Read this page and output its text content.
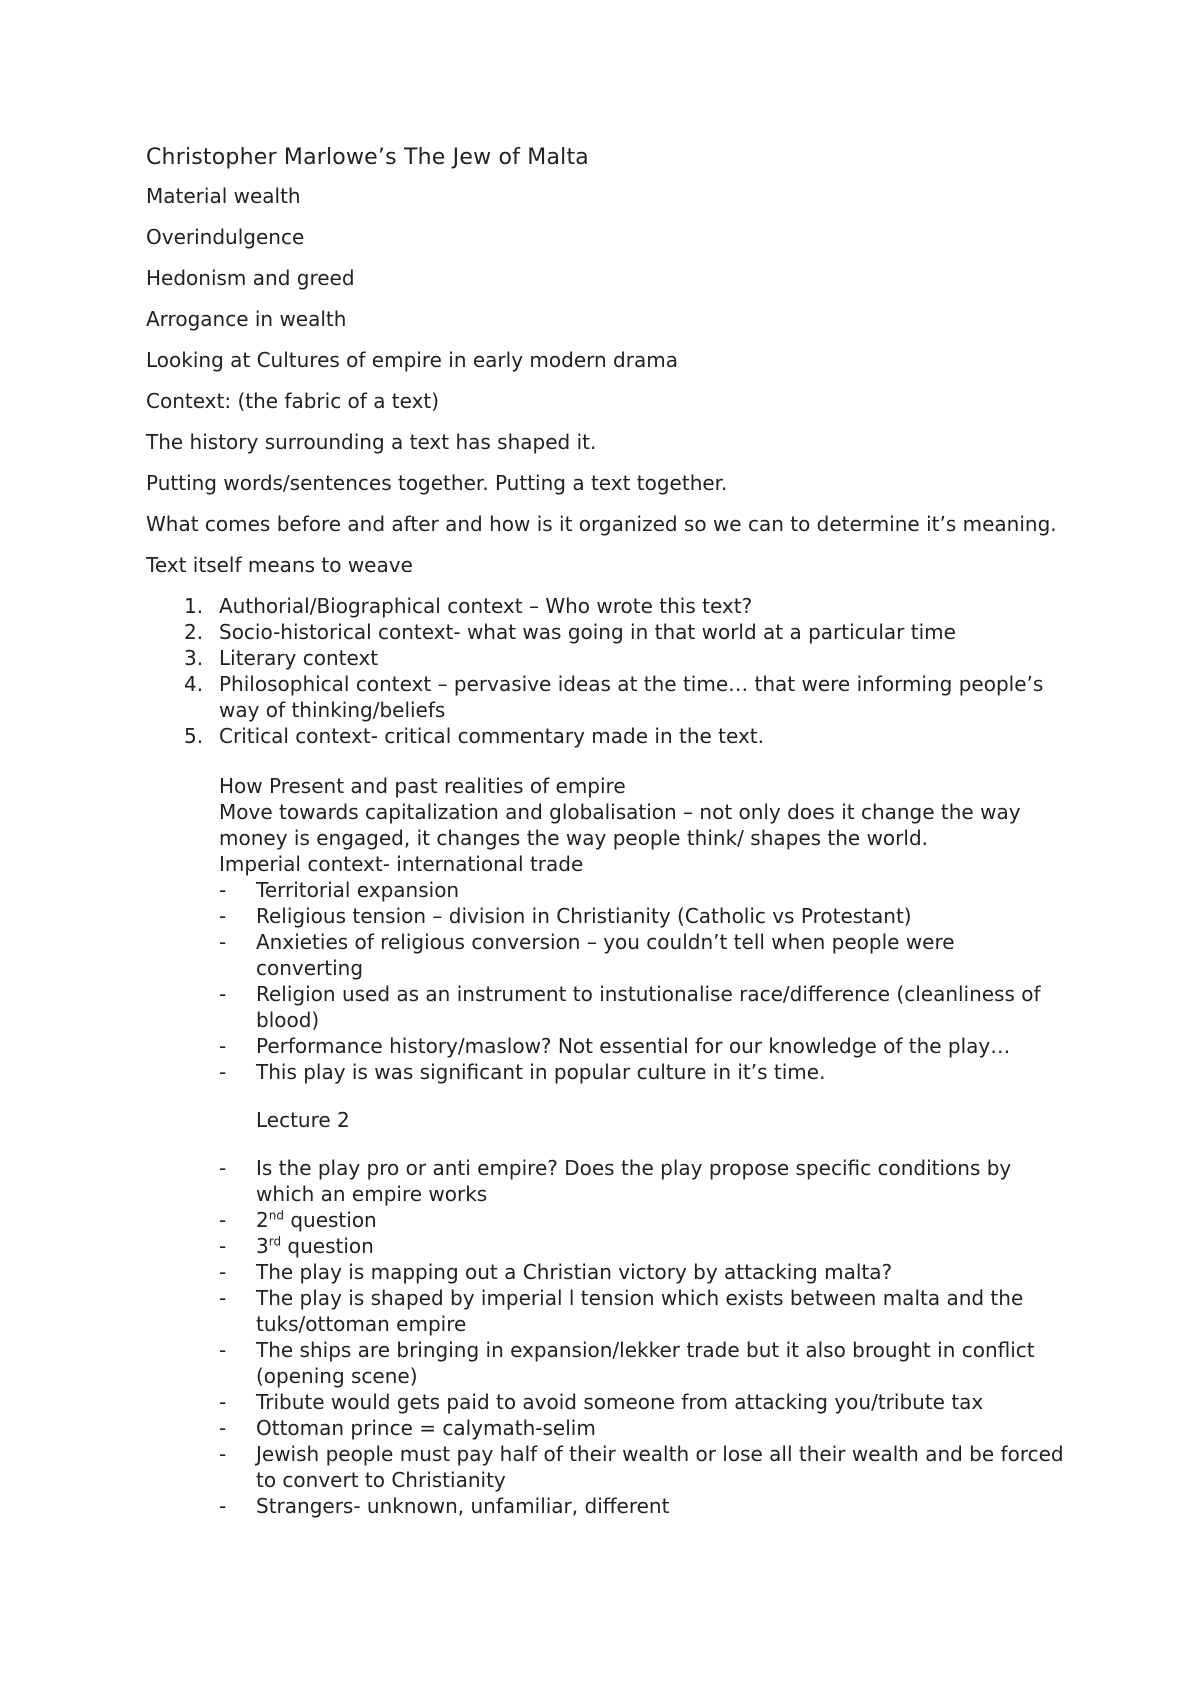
Christopher Marlowe’s The Jew of Malta
Material wealth
Overindulgence
Hedonism and greed
Arrogance in wealth
Looking at Cultures of empire in early modern drama
Context: (the fabric of a text)
The history surrounding a text has shaped it.
Putting words/sentences together. Putting a text together.
What comes before and after and how is it organized so we can to determine it’s meaning.
Text itself means to weave
1. Authorial/Biographical context – Who wrote this text?
2. Socio-historical context- what was going in that world at a particular time
3. Literary context
4. Philosophical context – pervasive ideas at the time… that were informing people’s way of thinking/beliefs
5. Critical context- critical commentary made in the text.
How Present and past realities of empire
Move towards capitalization and globalisation – not only does it change the way money is engaged, it changes the way people think/ shapes the world.
Imperial context- international trade
- Territorial expansion
- Religious tension – division in Christianity (Catholic vs Protestant)
- Anxieties of religious conversion – you couldn’t tell when people were converting
- Religion used as an instrument to instutionalise race/difference (cleanliness of blood)
- Performance history/maslow? Not essential for our knowledge of the play…
- This play is was significant in popular culture in it’s time.
Lecture 2
- Is the play pro or anti empire? Does the play propose specific conditions by which an empire works
- 2nd question
- 3rd question
- The play is mapping out a Christian victory by attacking malta?
- The play is shaped by imperial l tension which exists between malta and the tuks/ottoman empire
- The ships are bringing in expansion/lekker trade but it also brought in conflict (opening scene)
- Tribute would gets paid to avoid someone from attacking you/tribute tax
- Ottoman prince = calymath-selim
- Jewish people must pay half of their wealth or lose all their wealth and be forced to convert to Christianity
- Strangers- unknown, unfamiliar, different
